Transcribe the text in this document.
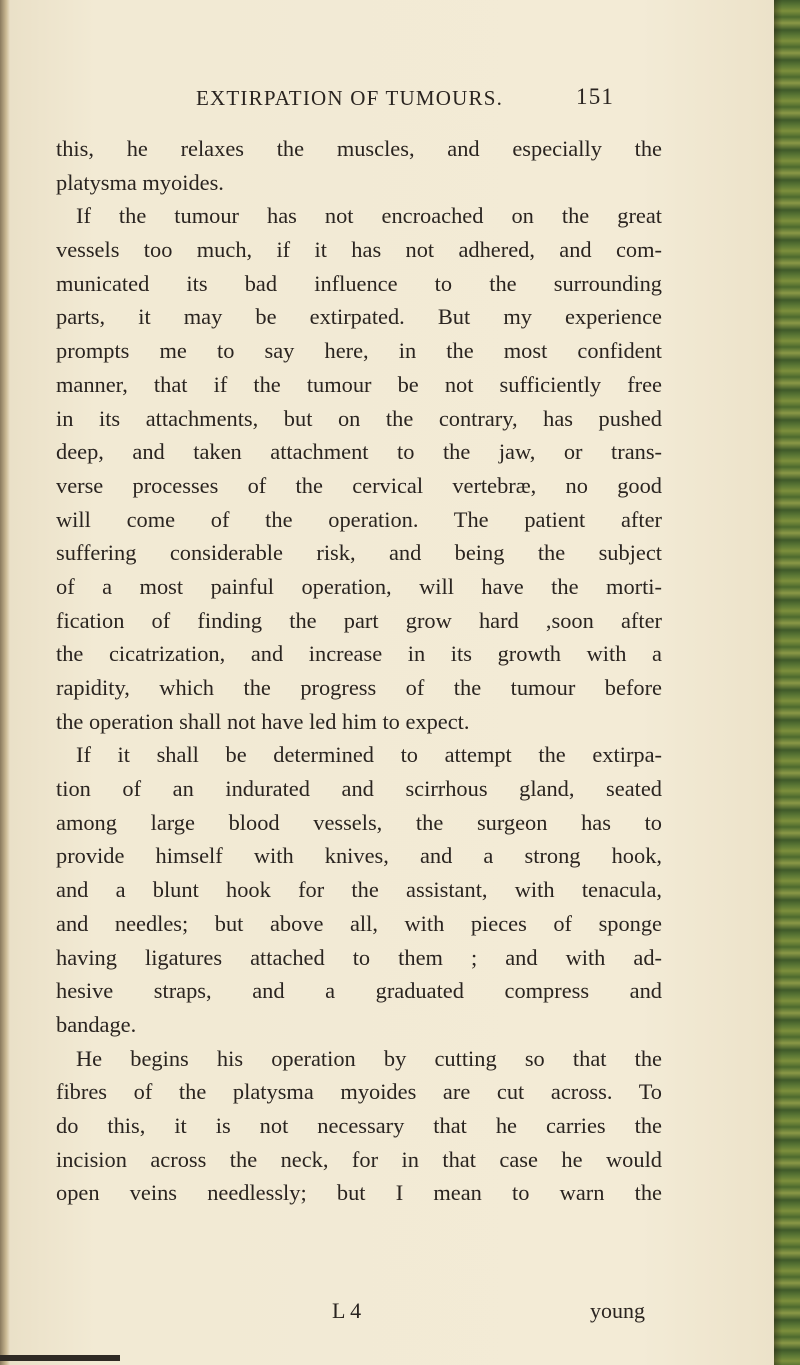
EXTIRPATION OF TUMOURS.	151
this, he relaxes the muscles, and especially the
platysma myoides.
If the tumour has not encroached on the great
vessels too much, if it has not adhered, and com-
municated its bad influence to the surrounding
parts, it may be extirpated. But my experience
prompts me to say here, in the most confident
manner, that if the tumour be not sufficiently free
in its attachments, but on the contrary, has pushed
deep, and taken attachment to the jaw, or trans-
verse processes of the cervical vertebræ, no good
will come of the operation. The patient after
suffering considerable risk, and being the subject
of a most painful operation, will have the morti-
fication of finding the part grow hard ,soon after
the cicatrization, and increase in its growth with a
rapidity, which the progress of the tumour before
the operation shall not have led him to expect.
If it shall be determined to attempt the extirpa-
tion of an indurated and scirrhous gland, seated
among large blood vessels, the surgeon has to
provide himself with knives, and a strong hook,
and a blunt hook for the assistant, with tenacula,
and needles; but above all, with pieces of sponge
having ligatures attached to them ; and with ad-
hesive straps, and a graduated compress and
bandage.
He begins his operation by cutting so that the
fibres of the platysma myoides are cut across. To
do this, it is not necessary that he carries the
incision across the neck, for in that case he would
open veins needlessly; but I mean to warn the
L 4	young
